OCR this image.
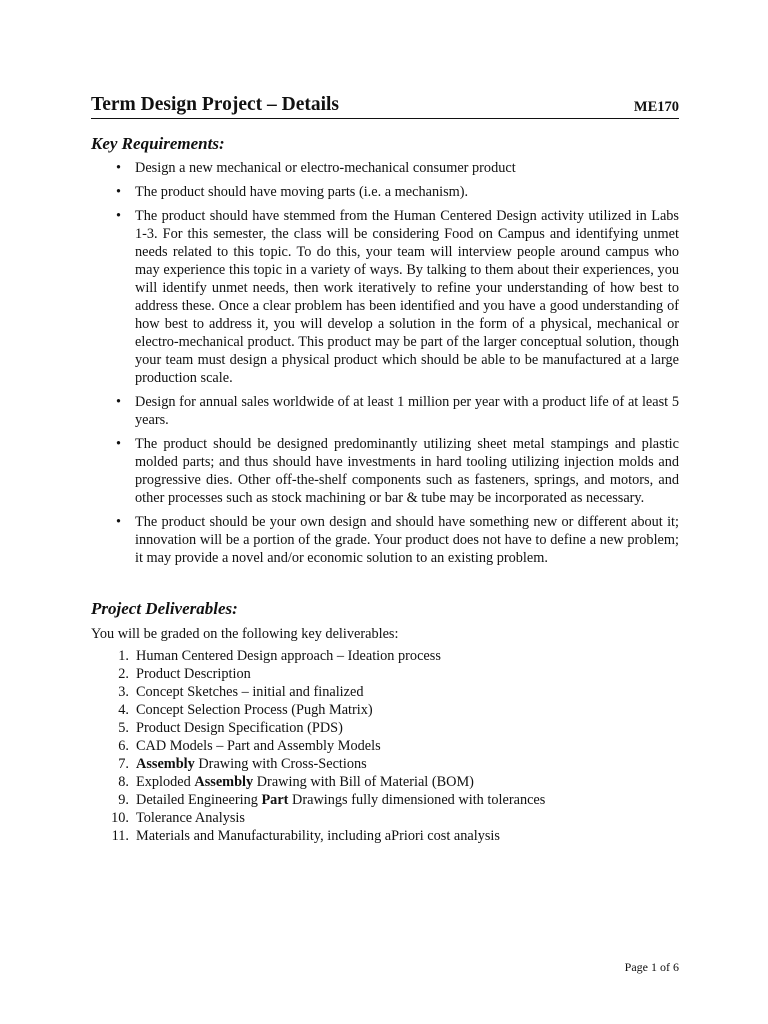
Term Design Project – Details	ME170
Key Requirements:
• Design a new mechanical or electro-mechanical consumer product
• The product should have moving parts (i.e. a mechanism).
• The product should have stemmed from the Human Centered Design activity utilized in Labs 1-3. For this semester, the class will be considering Food on Campus and identifying unmet needs related to this topic. To do this, your team will interview people around campus who may experience this topic in a variety of ways. By talking to them about their experiences, you will identify unmet needs, then work iteratively to refine your understanding of how best to address these. Once a clear problem has been identified and you have a good understanding of how best to address it, you will develop a solution in the form of a physical, mechanical or electro-mechanical product. This product may be part of the larger conceptual solution, though your team must design a physical product which should be able to be manufactured at a large production scale.
• Design for annual sales worldwide of at least 1 million per year with a product life of at least 5 years.
• The product should be designed predominantly utilizing sheet metal stampings and plastic molded parts; and thus should have investments in hard tooling utilizing injection molds and progressive dies. Other off-the-shelf components such as fasteners, springs, and motors, and other processes such as stock machining or bar & tube may be incorporated as necessary.
• The product should be your own design and should have something new or different about it; innovation will be a portion of the grade. Your product does not have to define a new problem; it may provide a novel and/or economic solution to an existing problem.
Project Deliverables:
You will be graded on the following key deliverables:
1. Human Centered Design approach – Ideation process
2. Product Description
3. Concept Sketches – initial and finalized
4. Concept Selection Process (Pugh Matrix)
5. Product Design Specification (PDS)
6. CAD Models – Part and Assembly Models
7. Assembly Drawing with Cross-Sections
8. Exploded Assembly Drawing with Bill of Material (BOM)
9. Detailed Engineering Part Drawings fully dimensioned with tolerances
10. Tolerance Analysis
11. Materials and Manufacturability, including aPriori cost analysis
Page 1 of 6
